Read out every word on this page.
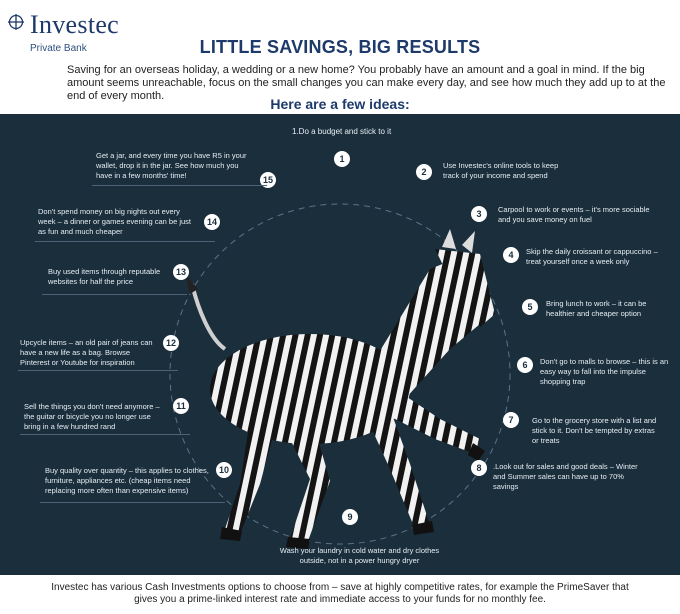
Investec
Private Bank	LITTLE SAVINGS, BIG RESULTS
Saving for an overseas holiday, a wedding or a new home? You probably have an amount and a goal in mind. If the big amount seems unreachable, focus on the small changes you can make every day, and see how much they add up to at the end of every month.	Here are a few ideas:
1.Do a budget and stick to it
1
2
Use Investec's online tools to keep track of your income and spend
3	Carpool to work or events – it's more sociable and you save money on fuel
4	Skip the daily croissant or cappuccino – treat yourself once a week only
5	Bring lunch to work – it can be healthier and cheaper option
6	Don't go to malls to browse – this is an easy way to fall into the impulse shopping trap
7	Go to the grocery store with a list and stick to it. Don't be tempted by extras or treats
8	.Look out for sales and good deals – Winter and Summer sales can have up to 70% savings
9
Wash your laundry in cold water and dry clothes outside, not in a power hungry dryer
10
Buy quality over quantity – this applies to clothes, furniture, appliances etc. (cheap items need replacing more often than expensive items)
11
Sell the things you don't need anymore – the guitar or bicycle you no longer use bring in a few hundred rand
12
Upcycle items – an old pair of jeans can have a new life as a bag. Browse Pinterest or Youtube for inspiration
13
Buy used items through reputable websites for half the price
14
Don't spend money on big nights out every week – a dinner or games evening can be just as fun and much cheaper
15
Get a jar, and every time you have R5 in your wallet, drop it in the jar. See how much you have in a few months' time!
Investec has various Cash Investments options to choose from – save at highly competitive rates, for example the PrimeSaver that gives you a prime-linked interest rate and immediate access to your funds for no monthly fee.
